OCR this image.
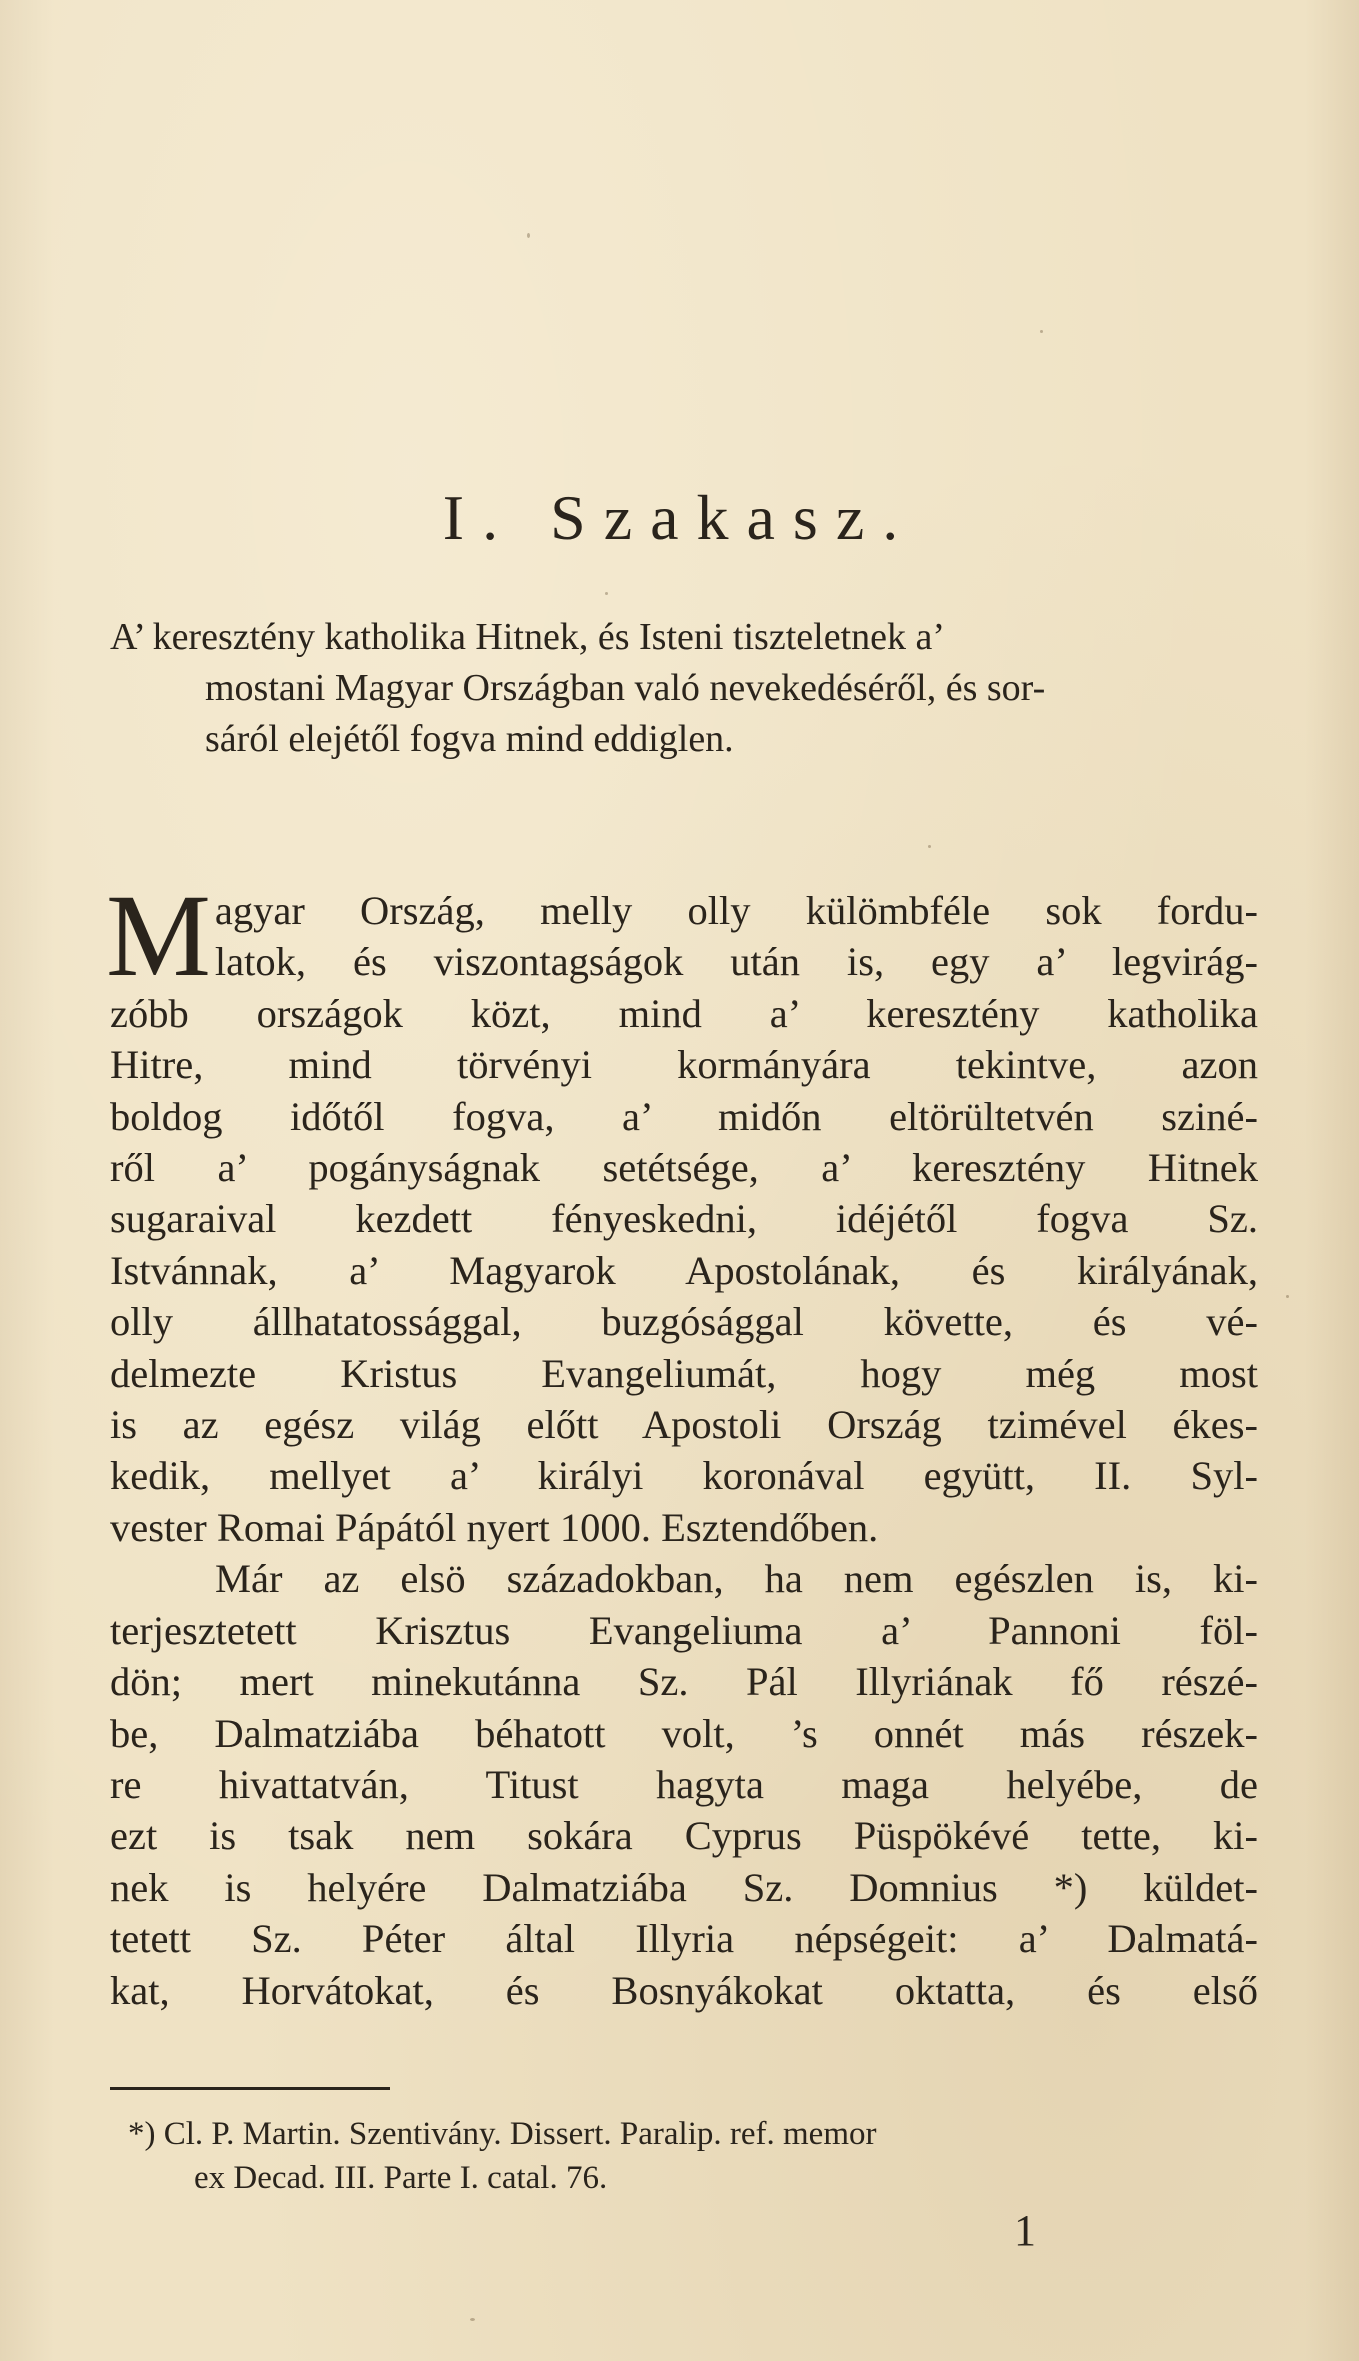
I. Szakasz.
A’ keresztény katholika Hitnek, és Isteni tiszteletnek a’
mostani Magyar Országban való nevekedéséről, és sor-
sáról elejétől fogva mind eddiglen.
M agyar Ország, melly olly külömbféle sok fordu-
latok, és viszontagságok után is, egy a’ legvirág-
zóbb országok közt, mind a’ keresztény katholika
Hitre, mind törvényi kormányára tekintve, azon
boldog időtől fogva, a’ midőn eltörültetvén sziné-
ről a’ pogányságnak setétsége, a’ keresztény Hitnek
sugaraival kezdett fényeskedni, idéjétől fogva Sz.
Istvánnak, a’ Magyarok Apostolának, és királyának,
olly állhatatossággal, buzgósággal követte, és vé-
delmezte Kristus Evangeliumát, hogy még most
is az egész világ előtt Apostoli Ország tzimével ékes-
kedik, mellyet a’ királyi koronával együtt, II. Syl-
vester Romai Pápától nyert 1000. Esztendőben.
Már az elsö századokban, ha nem egészlen is, ki-
terjesztetett Krisztus Evangeliuma a’ Pannoni föl-
dön; mert minekutánna Sz. Pál Illyriának fő részé-
be, Dalmatziába béhatott volt, ’s onnét más részek-
re hivattatván, Titust hagyta maga helyébe, de
ezt is tsak nem sokára Cyprus Püspökévé tette, ki-
nek is helyére Dalmatziába Sz. Domnius *) küldet-
tetett Sz. Péter által Illyria népségeit: a’ Dalmatá-
kat, Horvátokat, és Bosnyákokat oktatta, és első
*) Cl. P. Martin. Szentivány. Dissert. Paralip. ref. memor
ex Decad. III. Parte I. catal. 76.
1
